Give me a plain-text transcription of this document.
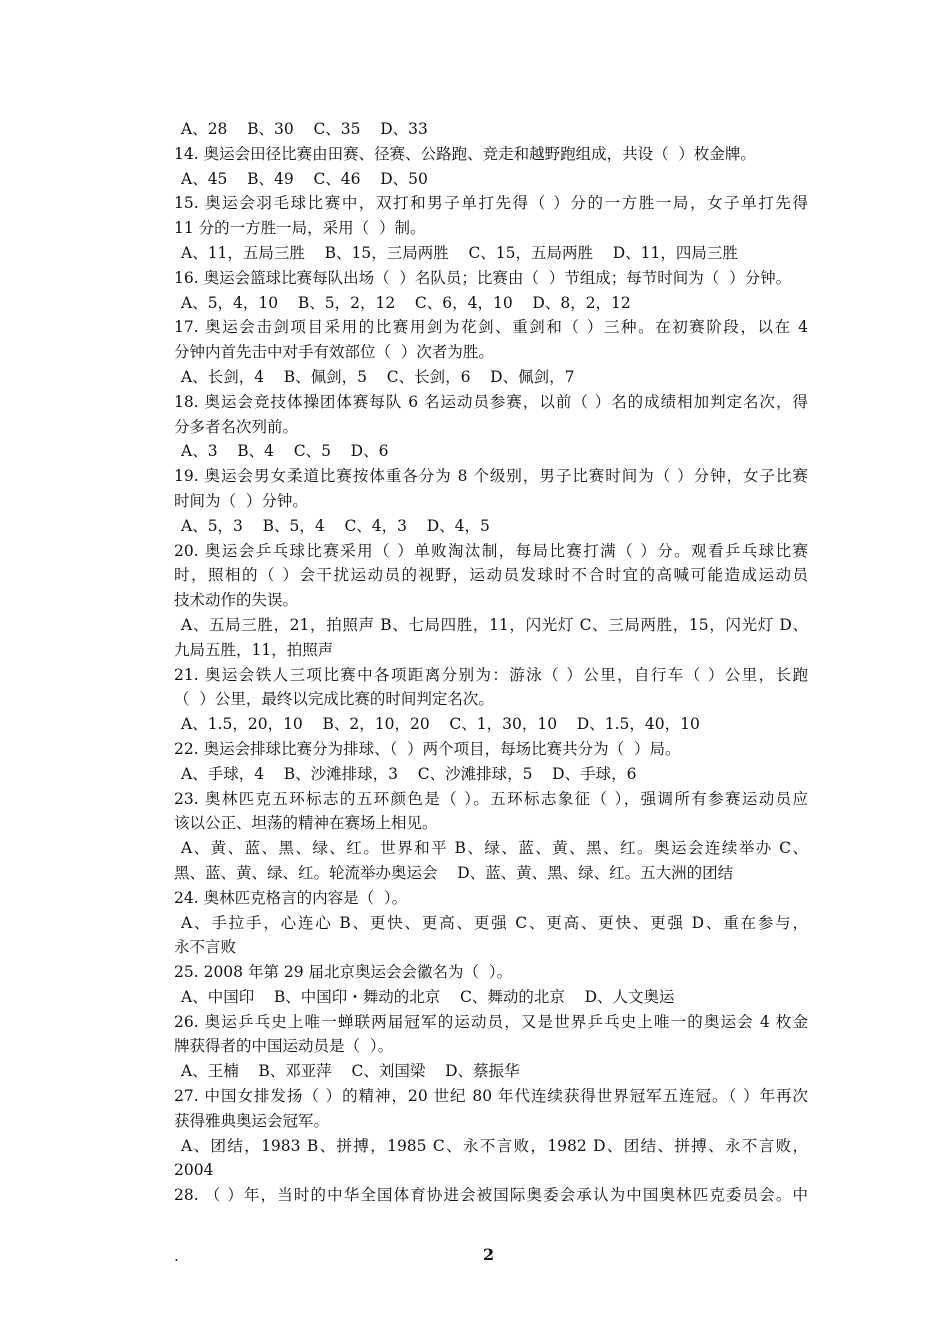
A、28    B、30    C、35    D、33
14. 奥运会田径比赛由田赛、径赛、公路跑、竞走和越野跑组成，共设（  ）枚金牌。
A、45    B、49    C、46    D、50
15. 奥运会羽毛球比赛中，双打和男子单打先得（ ）分的一方胜一局，女子单打先得
11 分的一方胜一局，采用（  ）制。
A、11，五局三胜    B、15，三局两胜    C、15，五局两胜    D、11，四局三胜
16. 奥运会篮球比赛每队出场（  ）名队员；比赛由（  ）节组成；每节时间为（  ）分钟。
A、5，4，10    B、5，2，12    C、6，4，10    D、8，2，12
17. 奥运会击剑项目采用的比赛用剑为花剑、重剑和（ ）三种。在初赛阶段，以在 4
分钟内首先击中对手有效部位（  ）次者为胜。
A、长剑，4    B、佩剑，5    C、长剑，6    D、佩剑，7
18. 奥运会竞技体操团体赛每队 6 名运动员参赛，以前（ ）名的成绩相加判定名次，得
分多者名次列前。
A、3    B、4    C、5    D、6
19. 奥运会男女柔道比赛按体重各分为 8 个级别，男子比赛时间为（ ）分钟，女子比赛
时间为（  ）分钟。
A、5，3    B、5，4    C、4，3    D、4，5
20. 奥运会乒乓球比赛采用（ ）单败淘汰制，每局比赛打满（ ）分。观看乒乓球比赛
时，照相的（ ）会干扰运动员的视野，运动员发球时不合时宜的高喊可能造成运动员
技术动作的失误。
A、五局三胜，21，拍照声 B、七局四胜，11，闪光灯 C、三局两胜，15，闪光灯 D、
九局五胜，11，拍照声
21. 奥运会铁人三项比赛中各项距离分别为：游泳（ ）公里，自行车（ ）公里，长跑
（  ）公里，最终以完成比赛的时间判定名次。
A、1.5，20，10    B、2，10，20    C、1，30，10    D、1.5，40，10
22. 奥运会排球比赛分为排球、（  ）两个项目，每场比赛共分为（  ）局。
A、手球，4    B、沙滩排球，3    C、沙滩排球，5    D、手球，6
23. 奥林匹克五环标志的五环颜色是（ ）。五环标志象征（ ），强调所有参赛运动员应
该以公正、坦荡的精神在赛场上相见。
A、黄、蓝、黑、绿、红。世界和平 B、绿、蓝、黄、黑、红。奥运会连续举办 C、
黑、蓝、黄、绿、红。轮流举办奥运会    D、蓝、黄、黑、绿、红。五大洲的团结
24. 奥林匹克格言的内容是（  ）。
A、手拉手，心连心 B、更快、更高、更强 C、更高、更快、更强 D、重在参与，
永不言败
25. 2008 年第 29 届北京奥运会会徽名为（  ）。
A、中国印    B、中国印・舞动的北京    C、舞动的北京    D、人文奥运
26. 奥运乒乓史上唯一蝉联两届冠军的运动员，又是世界乒乓史上唯一的奥运会 4 枚金
牌获得者的中国运动员是（  ）。
A、王楠    B、邓亚萍    C、刘国梁    D、蔡振华
27. 中国女排发扬（ ）的精神，20 世纪 80 年代连续获得世界冠军五连冠。（ ）年再次
获得雅典奥运会冠军。
A、团结，1983 B、拼搏，1985 C、永不言败，1982 D、团结、拼搏、永不言败，
2004
28. （ ）年，当时的中华全国体育协进会被国际奥委会承认为中国奥林匹克委员会。中
.	2
